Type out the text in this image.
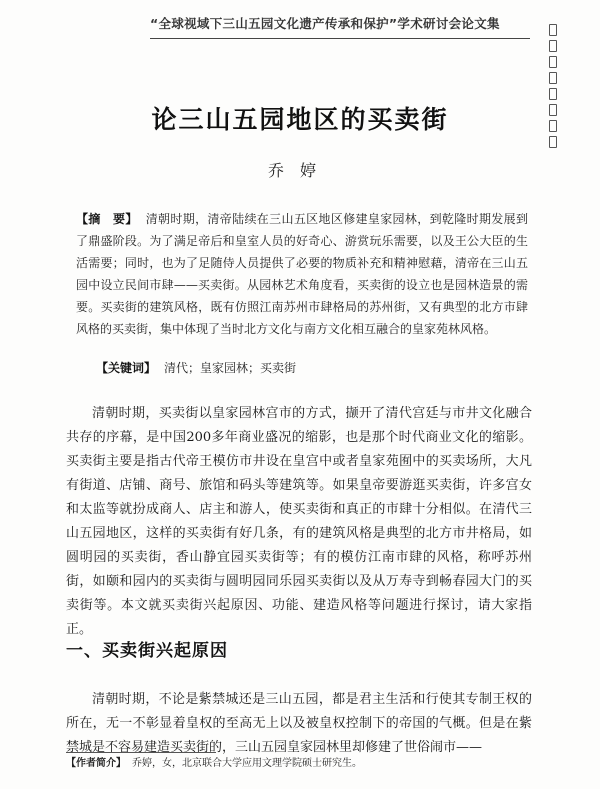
“全球视域下三山五园文化遗产传承和保护”学术研讨会论文集
论三山五园地区的买卖街
乔婷
【摘　要】 清朝时期，清帝陆续在三山五区地区修建皇家园林，到乾隆时期发展到了鼎盛阶段。为了满足帝后和皇室人员的好奇心、游赏玩乐需要，以及王公大臣的生活需要；同时，也为了足随侍人员提供了必要的物质补充和精神慰藉，清帝在三山五园中设立民间市肆——买卖街。从园林艺术角度看，买卖街的设立也是园林造景的需要。买卖街的建筑风格，既有仿照江南苏州市肆格局的苏州街，又有典型的北方市肆风格的买卖街，集中体现了当时北方文化与南方文化相互融合的皇家苑林风格。
【关键词】 清代；皇家园林；买卖街

清朝时期，买卖街以皇家园林宫市的方式，撷开了清代宫廷与市井文化融合共存的序幕，是中国200多年商业盛况的缩影，也是那个时代商业文化的缩影。买卖街主要是指古代帝王模仿市井设在皇宫中或者皇家苑囿中的买卖场所，大凡有街道、店铺、商号、旅馆和码头等建筑等。如果皇帝要游逛买卖街，许多宫女和太监等就扮成商人、店主和游人，使买卖街和真正的市肆十分相似。在清代三山五园地区，这样的买卖街有好几条，有的建筑风格是典型的北方市井格局，如圆明园的买卖街，香山静宜园买卖街等；有的模仿江南市肆的风格，称呼苏州街，如颐和园内的买卖街与圆明园同乐园买卖街以及从万寿寺到畅春园大门的买卖街等。本文就买卖街兴起原因、功能、建造风格等问题进行探讨，请大家指正。

一、买卖街兴起原因

清朝时期，不论是紫禁城还是三山五园，都是君主生活和行使其专制王权的所在，无一不彰显着皇权的至高无上以及被皇权控制下的帝国的气概。但是在紫禁城是不容易建造买卖街的，三山五园皇家园林里却修建了世俗闹市——

【作者简介】 乔婷，女，北京联合大学应用文理学院硕士研究生。
